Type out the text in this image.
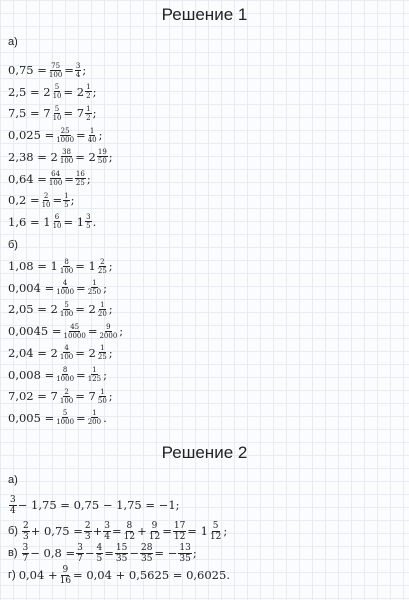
Решение 1
а)
$0,75 = \frac{75}{100} = \frac{3}{4}$ ;
$2,5 = 2 \frac{5}{10} = 2 \frac{1}{2}$ ;
$7,5 = 7 \frac{5}{10} = 7 \frac{1}{2}$ ;
$0,025 = \frac{25}{1000} = \frac{1}{40}$ ;
$2,38 = 2 \frac{38}{100} = 2 \frac{19}{50}$ ;
$0,64 = \frac{64}{100} = \frac{16}{25}$ ;
$0,2 = \frac{2}{10} = \frac{1}{5}$ ;
$1,6 = 1 \frac{6}{10} = 1 \frac{3}{5}$ .
б)
$1,08 = 1 \frac{8}{100} = 1 \frac{2}{25}$ ;
$0,004 = \frac{4}{1000} = \frac{1}{250}$ ;
$2,05 = 2 \frac{5}{100} = 2 \frac{1}{20}$ ;
$0,0045 = \frac{45}{10000} = \frac{9}{2000}$ ;
$2,04 = 2 \frac{4}{100} = 2 \frac{1}{25}$ ;
$0,008 = \frac{8}{1000} = \frac{1}{125}$ ;
$7,02 = 7 \frac{2}{100} = 7 \frac{1}{50}$ ;
$0,005 = \frac{5}{1000} = \frac{1}{200}$ .
Решение 2
а)
$\frac{3}{4} - 1,75 = 0,75 - 1,75 = -1$;
$б) \frac{2}{3} + 0,75 = \frac{2}{3} + \frac{3}{4} = \frac{8}{12} + \frac{9}{12} = \frac{17}{12} = 1 \frac{5}{12}$ ;
$в) \frac{3}{7} - 0,8 = \frac{3}{7} - \frac{4}{5} = \frac{15}{35} - \frac{28}{35}$ = − $\frac{13}{35}$ ;
г) $0,04 + \frac{9}{16} = 0,04 + 0,5625 = 0,6025$.
